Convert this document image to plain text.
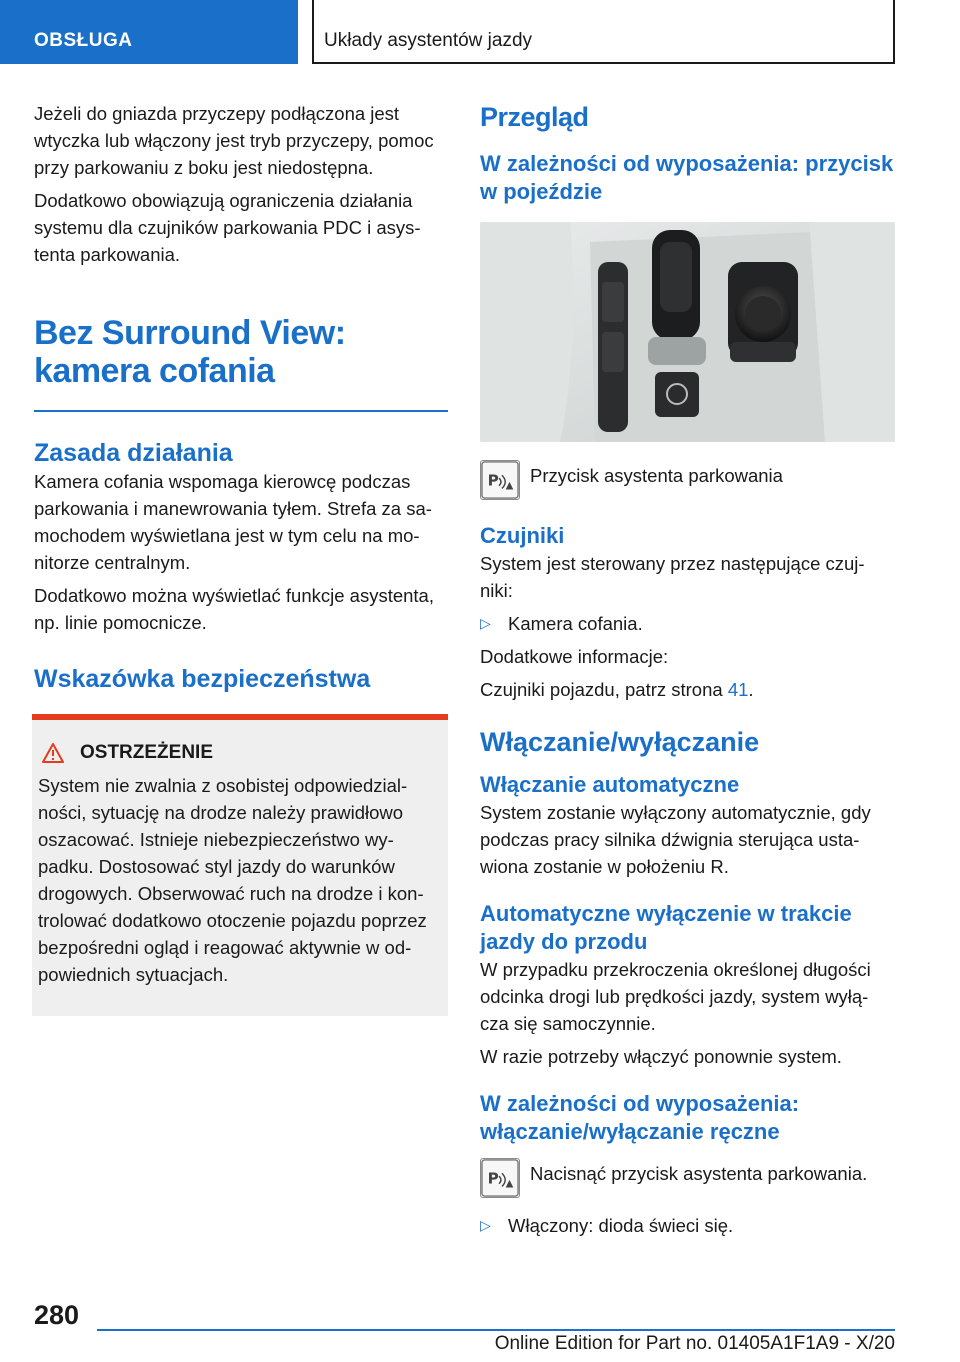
OBSŁUGA	Układy asystentów jazdy

Jeżeli do gniazda przyczepy podłączona jest wtyczka lub włączony jest tryb przyczepy, pomoc przy parkowaniu z boku jest niedostępna.

Dodatkowo obowiązują ograniczenia działania systemu dla czujników parkowania PDC i asys‐tenta parkowania.

Bez Surround View: kamera cofania
Zasada działania

Kamera cofania wspomaga kierowcę podczas parkowania i manewrowania tyłem. Strefa za sa‐mochodem wyświetlana jest w tym celu na mo‐nitorze centralnym.

Dodatkowo można wyświetlać funkcje asystenta, np. linie pomocnicze.

Wskazówka bezpieczeństwa
OSTRZEŻENIE

System nie zwalnia z osobistej odpowiedzial‐ności, sytuację na drodze należy prawidłowo oszacować. Istnieje niebezpieczeństwo wy‐padku. Dostosować styl jazdy do warunków drogowych. Obserwować ruch na drodze i kon‐trolować dodatkowo otoczenie pojazdu poprzez bezpośredni ogląd i reagować aktywnie w od‐powiednich sytuacjach.

Przegląd
W zależności od wyposażenia: przycisk w pojeździe
P Przycisk asystenta parkowania

Czujniki

System jest sterowany przez następujące czuj‐niki:

▷ Kamera cofania.

Dodatkowe informacje:

Czujniki pojazdu, patrz strona 41.

Włączanie/wyłączanie
Włączanie automatyczne

System zostanie wyłączony automatycznie, gdy podczas pracy silnika dźwignia sterująca usta‐wiona zostanie w położeniu R.

Automatyczne wyłączenie w trakcie jazdy do przodu

W przypadku przekroczenia określonej długości odcinka drogi lub prędkości jazdy, system wyłą‐cza się samoczynnie.

W razie potrzeby włączyć ponownie system.

W zależności od wyposażenia: włączanie/wyłączanie ręczne
P Nacisnąć przycisk asystenta parkowania.

▷ Włączony: dioda świeci się.

280
Online Edition for Part no. 01405A1F1A9 - X/20
